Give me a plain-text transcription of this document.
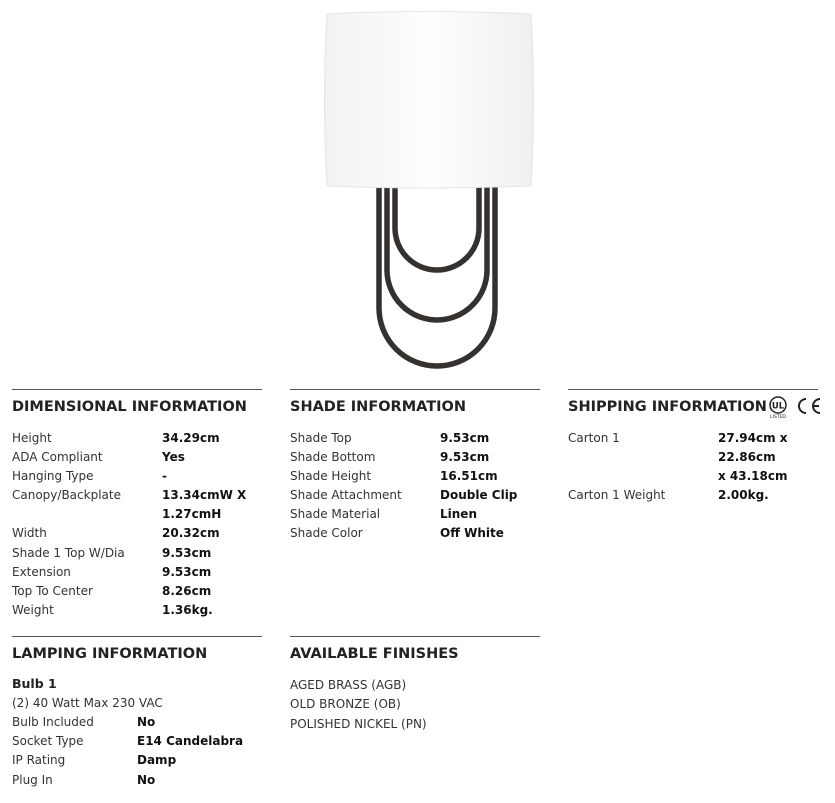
DIMENSIONAL INFORMATION
Height	34.29cm
ADA Compliant	Yes
Hanging Type	-
Canopy/Backplate	13.34cmW X
1.27cmH
Width	20.32cm
Shade 1 Top W/Dia	9.53cm
Extension	9.53cm
Top To Center	8.26cm
Weight	1.36kg.
SHADE INFORMATION
Shade Top	9.53cm
Shade Bottom	9.53cm
Shade Height	16.51cm
Shade Attachment	Double Clip
Shade Material	Linen
Shade Color	Off White
SHIPPING INFORMATION UL
LISTED
Carton 1	27.94cm x 22.86cm
x 43.18cm
Carton 1 Weight	2.00kg.
LAMPING INFORMATION
Bulb 1
(2) 40 Watt Max 230 VAC
Bulb Included	No
Socket Type	E14 Candelabra
IP Rating	Damp
Plug In	No
AVAILABLE FINISHES
AGED BRASS (AGB)
OLD BRONZE (OB)
POLISHED NICKEL (PN)
